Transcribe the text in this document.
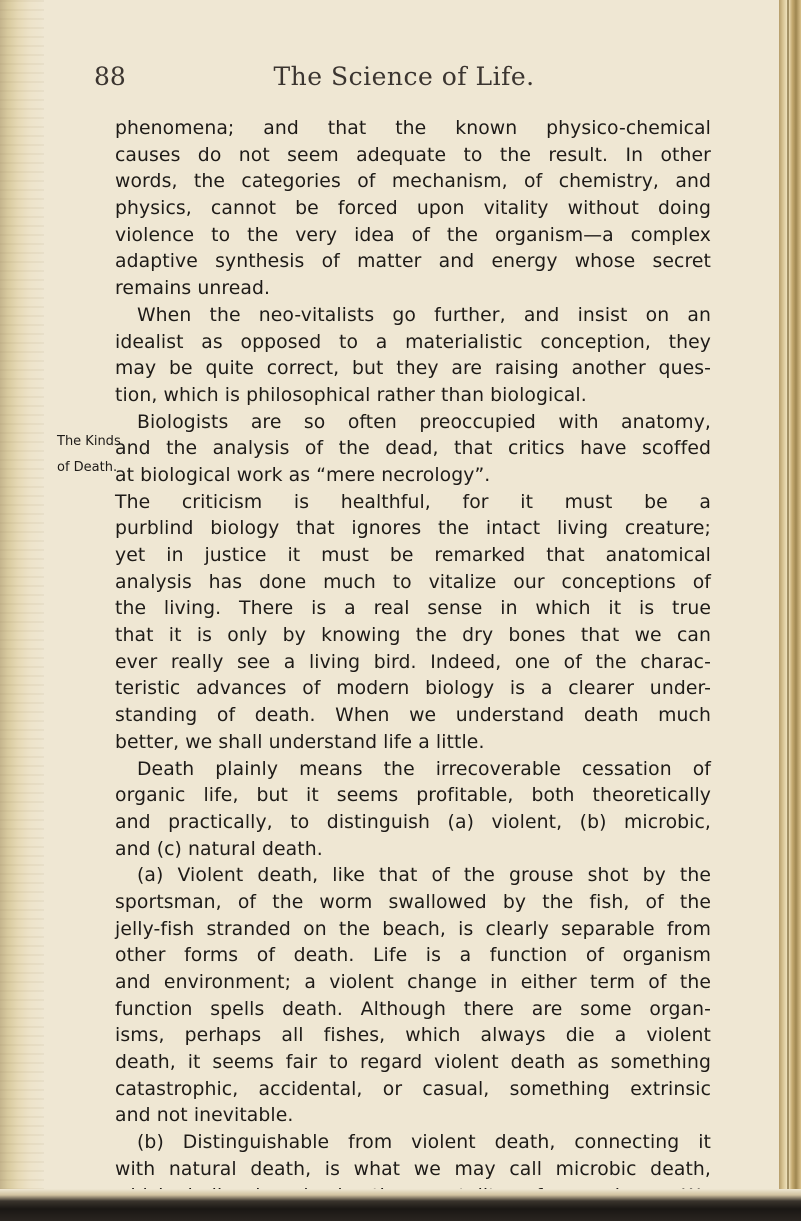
88	The Science of Life.
phenomena; and that the known physico-chemical
causes do not seem adequate to the result. In other
words, the categories of mechanism, of chemistry, and
physics, cannot be forced upon vitality without doing
violence to the very idea of the organism—a complex
adaptive synthesis of matter and energy whose secret
remains unread.
When the neo-vitalists go further, and insist on an
idealist as opposed to a materialistic conception, they
may be quite correct, but they are raising another ques-
tion, which is philosophical rather than biological.
Biologists are so often preoccupied with anatomy,
and the analysis of the dead, that critics have scoffed
at biological work as “mere necrology”.
The criticism is healthful, for it must be a
purblind biology that ignores the intact living creature;
yet in justice it must be remarked that anatomical
analysis has done much to vitalize our conceptions of
the living. There is a real sense in which it is true
that it is only by knowing the dry bones that we can
ever really see a living bird. Indeed, one of the charac-
teristic advances of modern biology is a clearer under-
standing of death. When we understand death much
better, we shall understand life a little.
Death plainly means the irrecoverable cessation of
organic life, but it seems profitable, both theoretically
and practically, to distinguish (a) violent, (b) microbic,
and (c) natural death.
(a) Violent death, like that of the grouse shot by the
sportsman, of the worm swallowed by the fish, of the
jelly-fish stranded on the beach, is clearly separable from
other forms of death. Life is a function of organism
and environment; a violent change in either term of the
function spells death. Although there are some organ-
isms, perhaps all fishes, which always die a violent
death, it seems fair to regard violent death as something
catastrophic, accidental, or casual, something extrinsic
and not inevitable.
(b) Distinguishable from violent death, connecting it
with natural death, is what we may call microbic death,
The Kinds
of Death.
